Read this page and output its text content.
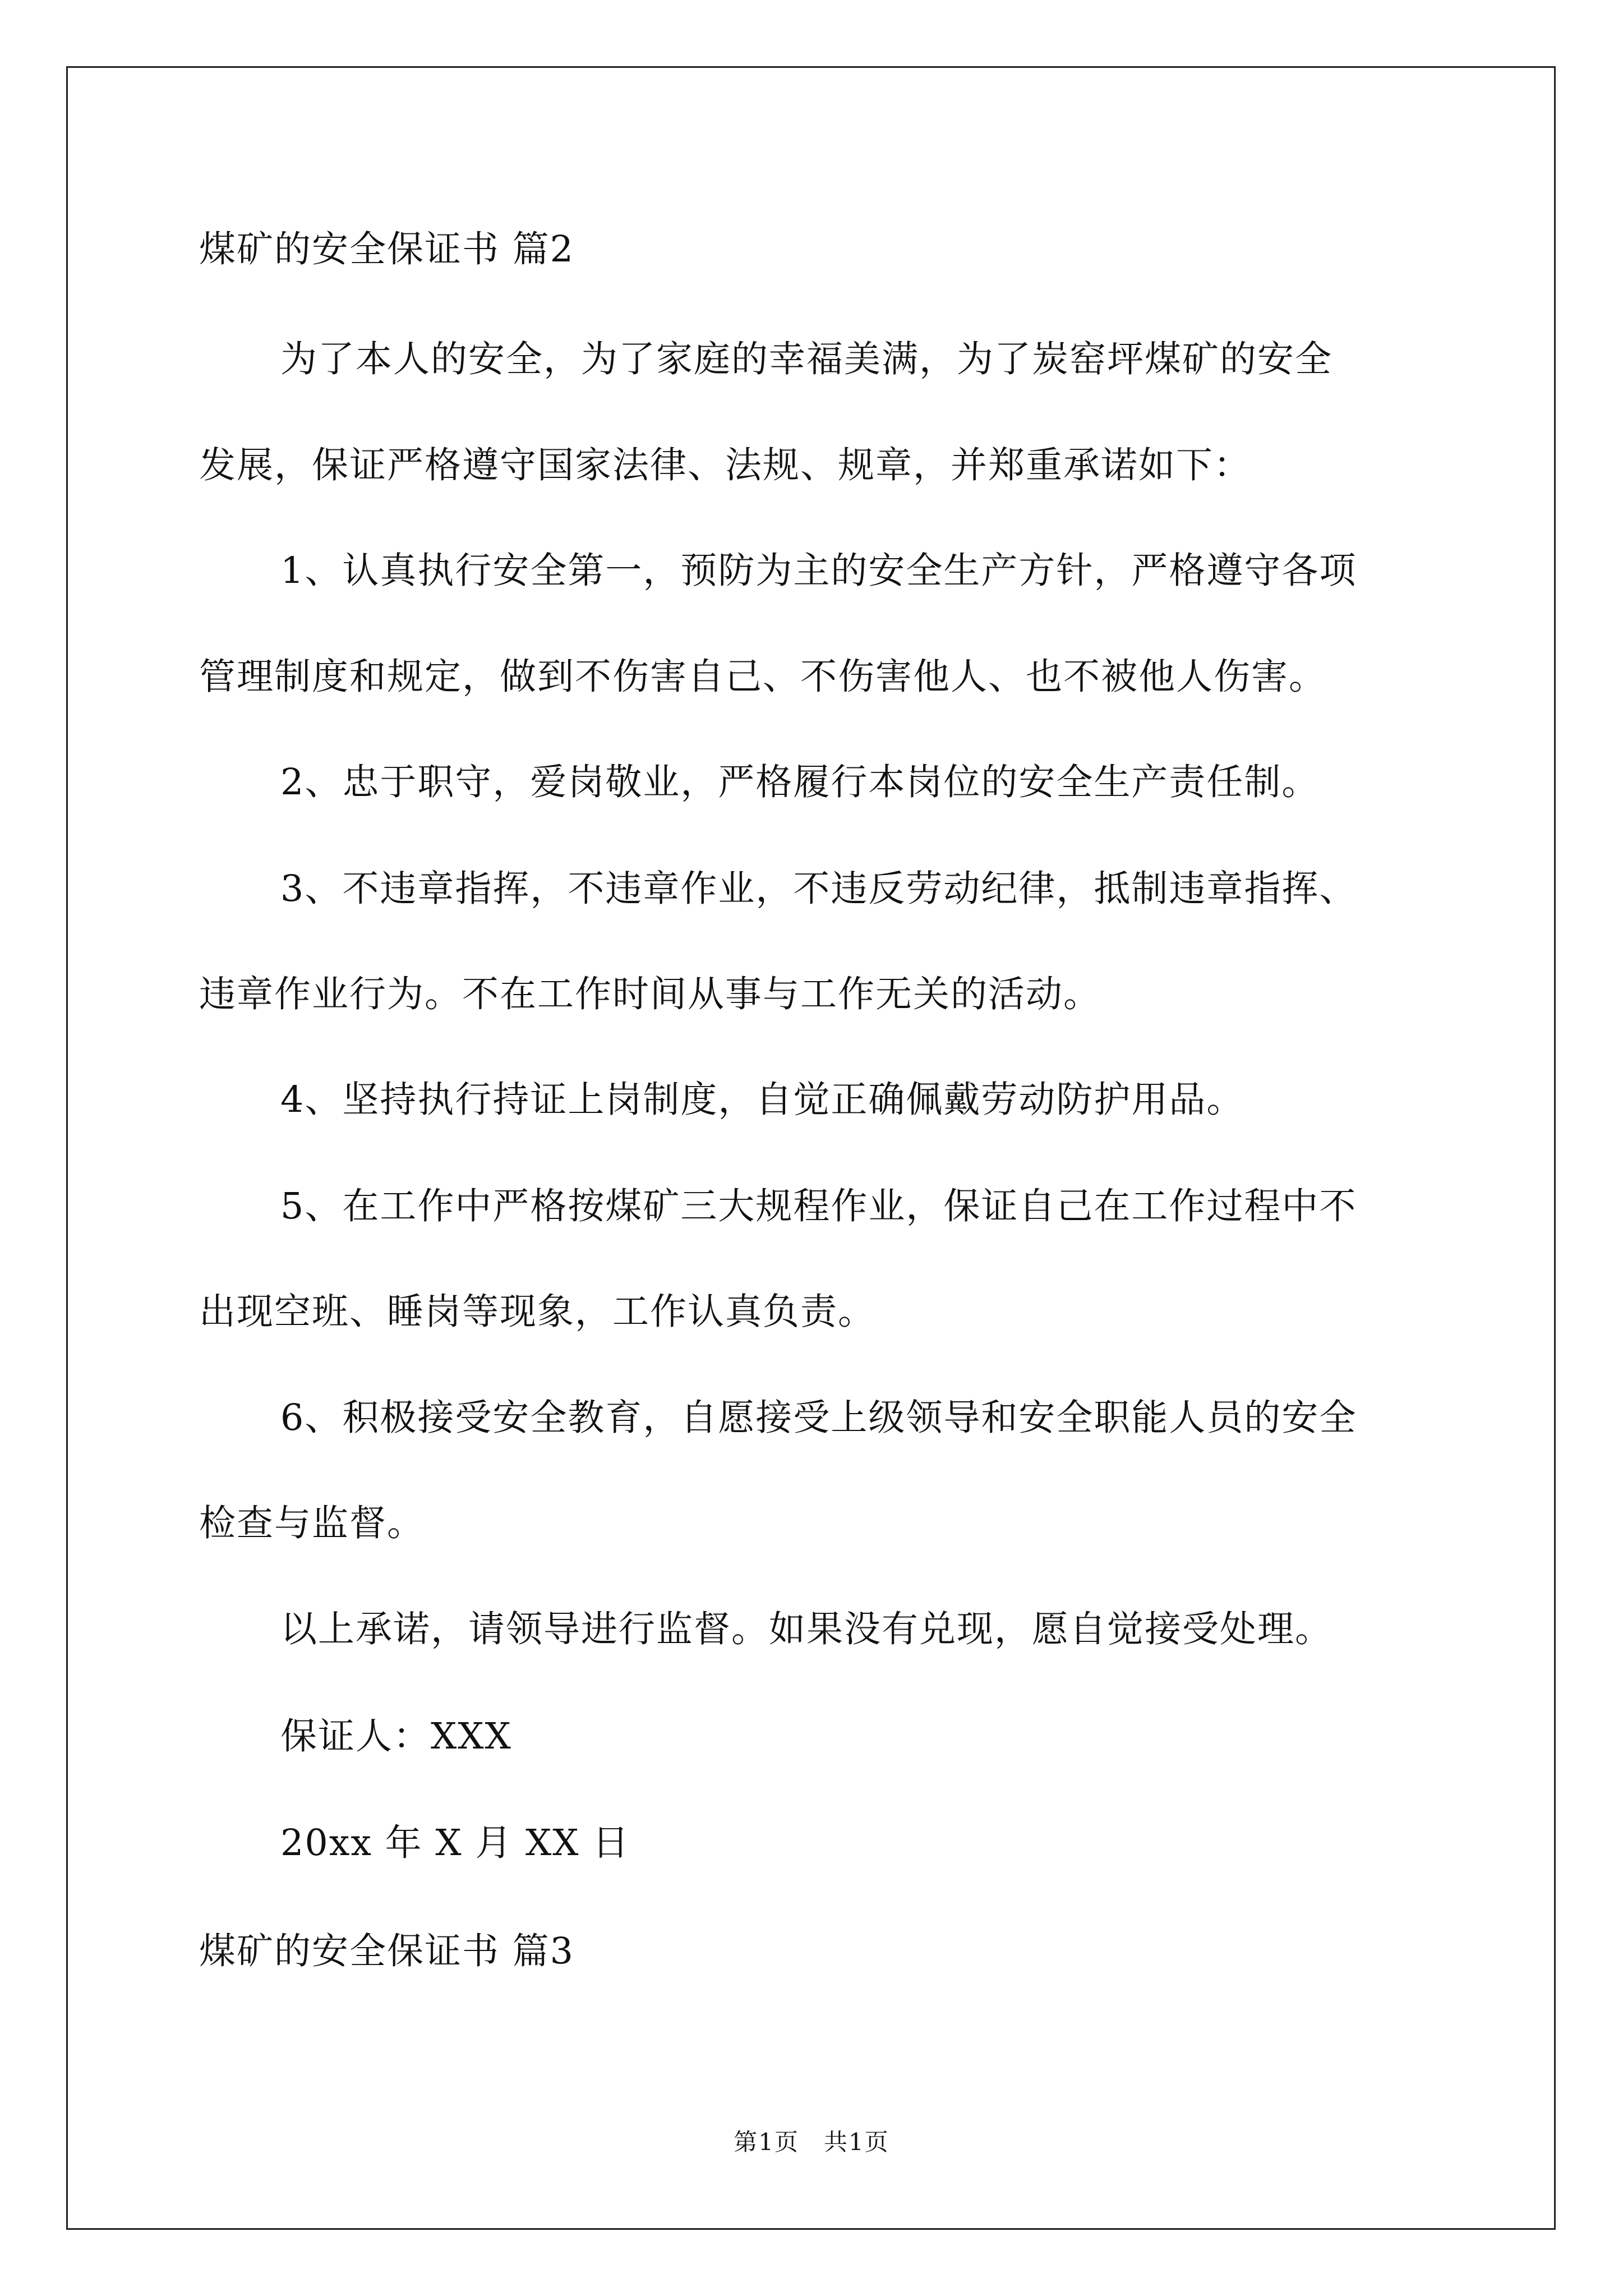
煤矿的安全保证书 篇2
为了本人的安全，为了家庭的幸福美满，为了炭窑坪煤矿的安全
发展，保证严格遵守国家法律、法规、规章，并郑重承诺如下：
1、认真执行安全第一，预防为主的安全生产方针，严格遵守各项
管理制度和规定，做到不伤害自己、不伤害他人、也不被他人伤害。
2、忠于职守，爱岗敬业，严格履行本岗位的安全生产责任制。
3、不违章指挥，不违章作业，不违反劳动纪律，抵制违章指挥、
违章作业行为。不在工作时间从事与工作无关的活动。
4、坚持执行持证上岗制度，自觉正确佩戴劳动防护用品。
5、在工作中严格按煤矿三大规程作业，保证自己在工作过程中不
出现空班、睡岗等现象，工作认真负责。
6、积极接受安全教育，自愿接受上级领导和安全职能人员的安全
检查与监督。
以上承诺，请领导进行监督。如果没有兑现，愿自觉接受处理。
保证人：XXX
20xx 年 X 月 XX 日
煤矿的安全保证书 篇3
第1页　共1页
